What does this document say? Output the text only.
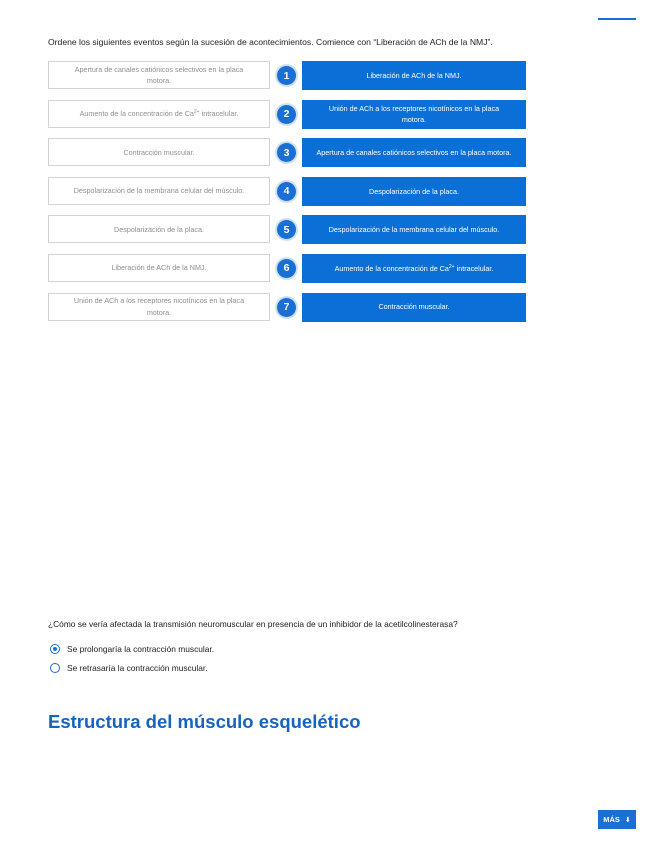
Ordene los siguientes eventos según la sucesión de acontecimientos. Comience con “Liberación de ACh de la NMJ”.
Apertura de canales catiónicos selectivos en la placa motora.	1	Liberación de ACh de la NMJ.
Aumento de la concentración de $Ca^{2+}$ intracelular.	2	Unión de ACh a los receptores nicotínicos en la placa motora.
Contracción muscular.	3	Apertura de canales catiónicos selectivos en la placa motora.
Despolarización de la membrana celular del músculo.	4	Despolarización de la placa.
Despolarización de la placa.	5	Despolarización de la membrana celular del músculo.
Liberación de ACh de la NMJ.	6	Aumento de la concentración de $Ca^{2+}$ intracelular.
Unión de ACh a los receptores nicotínicos en la placa motora.	7	Contracción muscular.
¿Cómo se vería afectada la transmisión neuromuscular en presencia de un inhibidor de la acetilcolinesterasa?
Se prolongaría la contracción muscular.
Se retrasaría la contracción muscular.
Estructura del músculo esquelético
MÁS ⬇
